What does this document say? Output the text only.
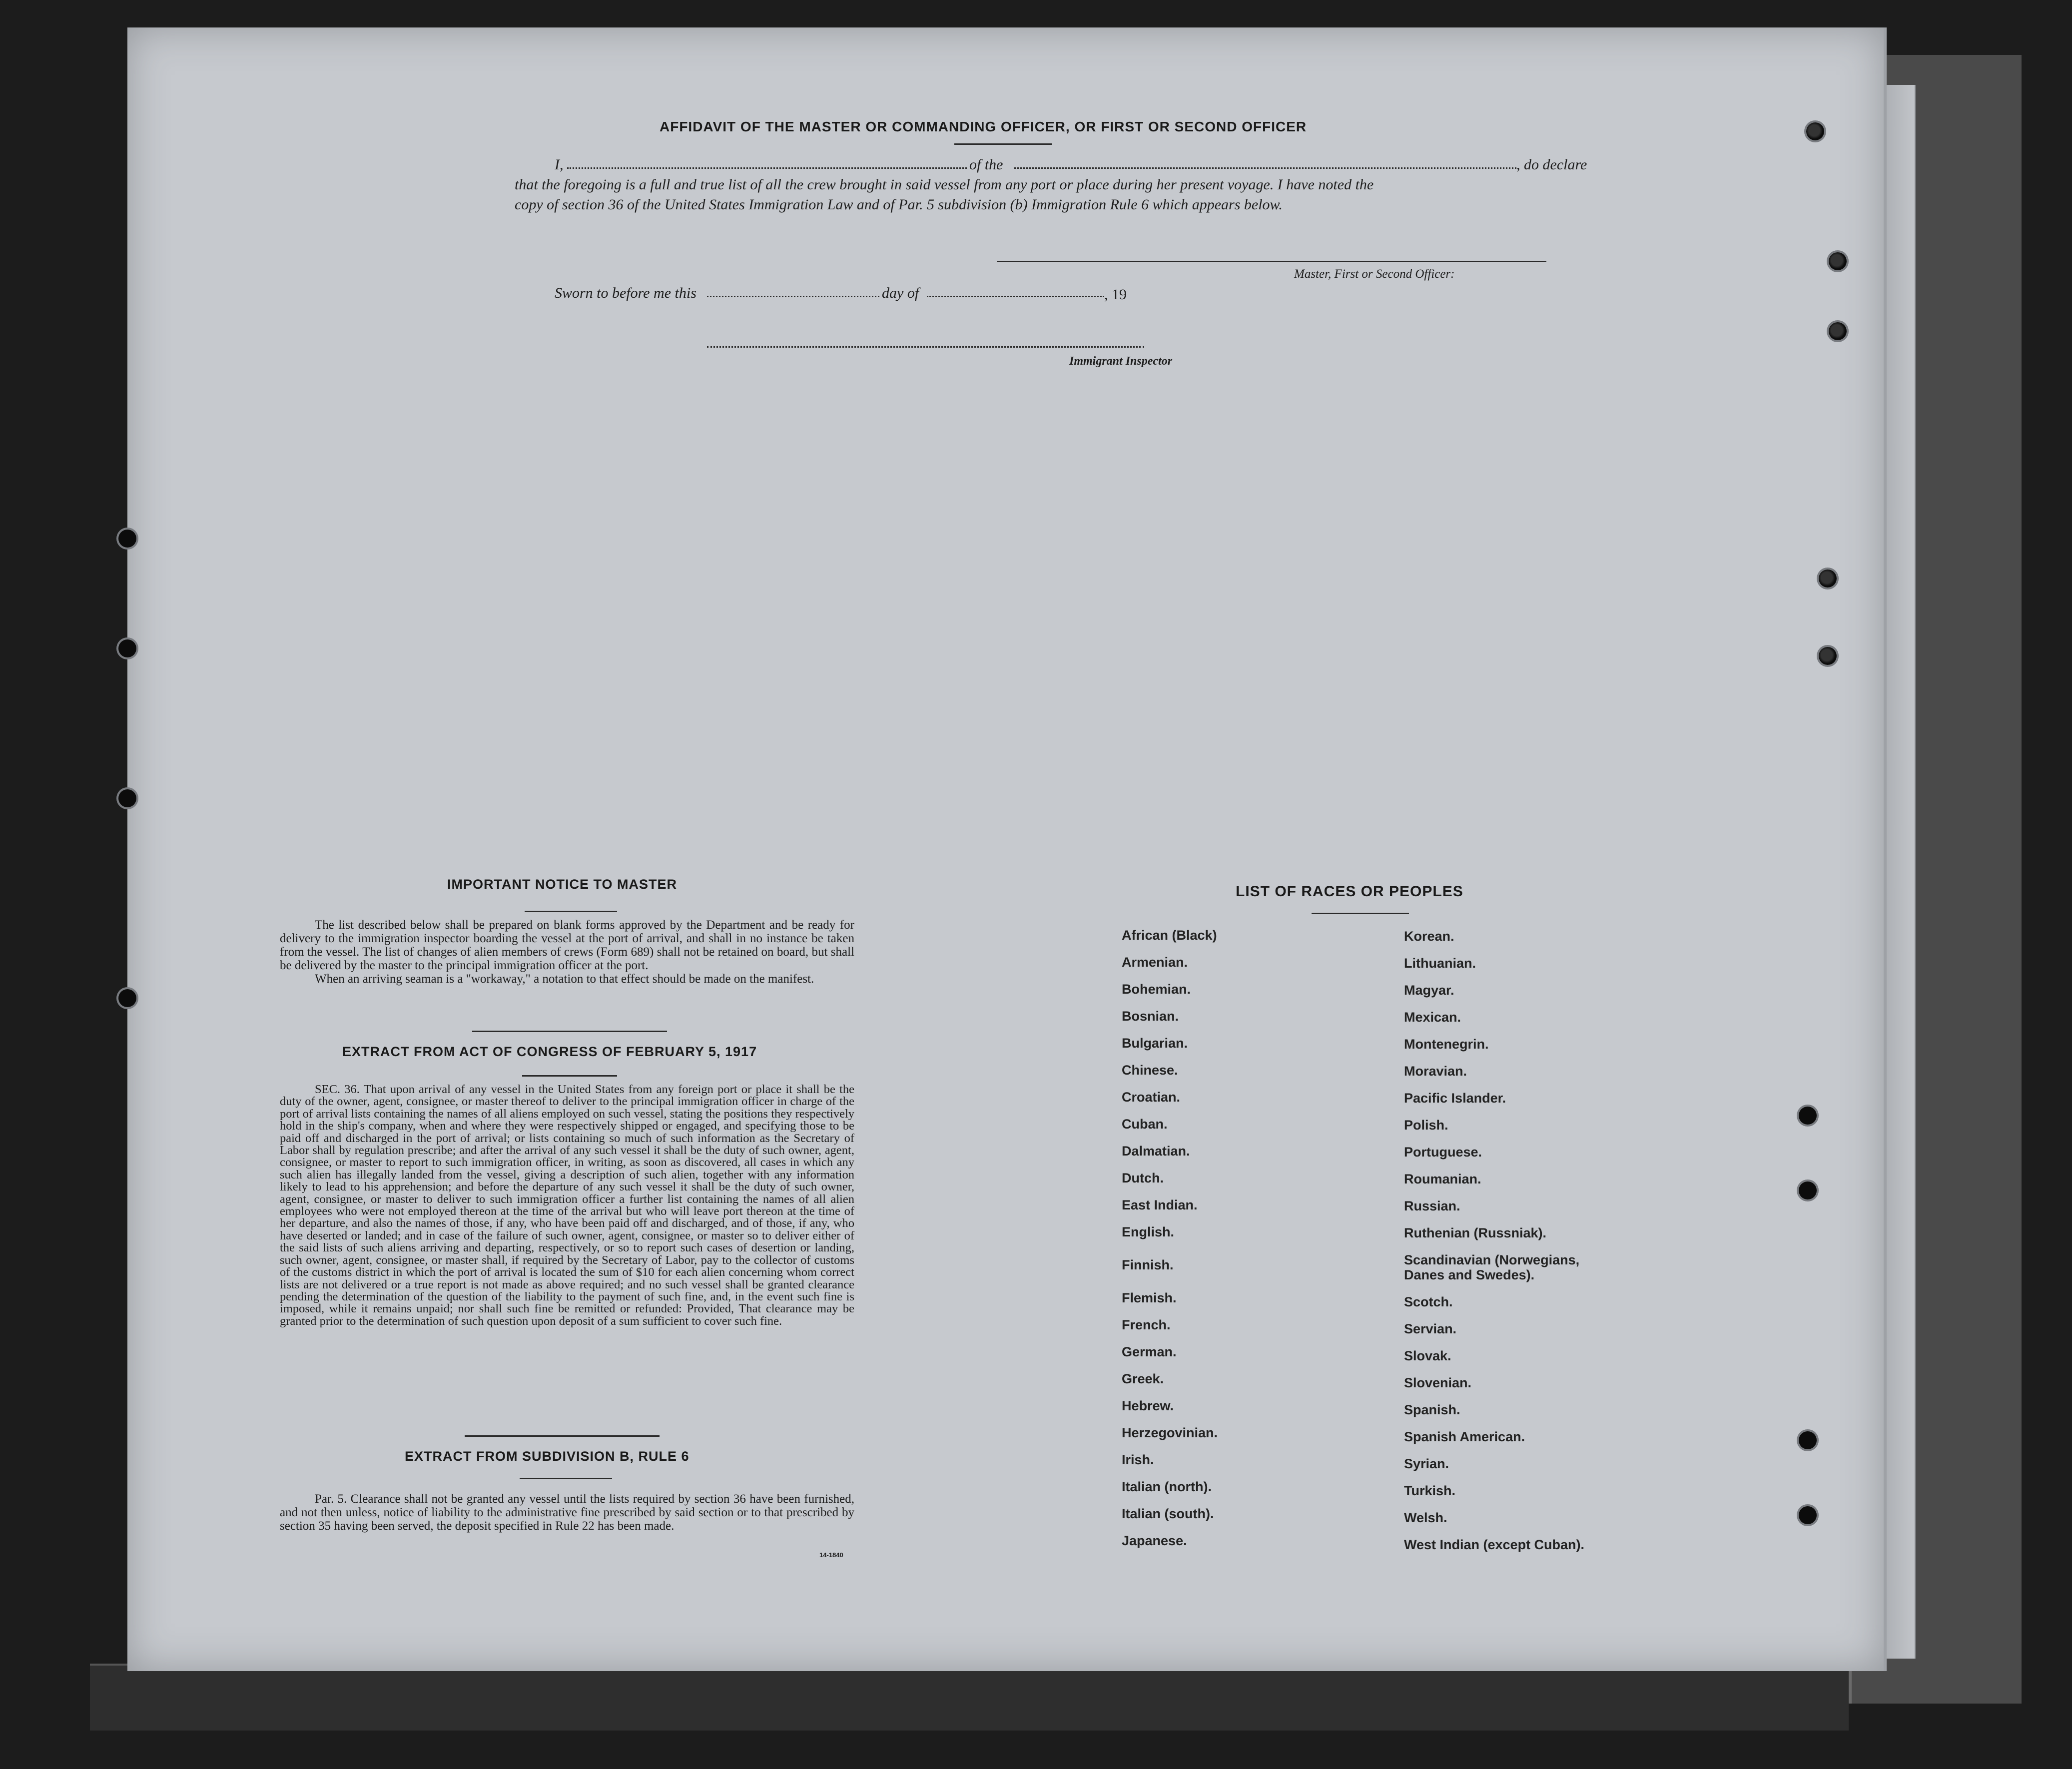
AFFIDAVIT OF THE MASTER OR COMMANDING OFFICER, OR FIRST OR SECOND OFFICER
I,	of the	, do declare
that the foregoing is a full and true list of all the crew brought in said vessel from any port or place during her present voyage. I have noted the
copy of section 36 of the United States Immigration Law and of Par. 5 subdivision (b) Immigration Rule 6 which appears below.
Master, First or Second Officer:
Sworn to before me this	day of	, 19
Immigrant Inspector
IMPORTANT NOTICE TO MASTER

The list described below shall be prepared on blank forms approved by the Department and be ready for delivery to the immigration inspector boarding the vessel at the port of arrival, and shall in no instance be taken from the vessel. The list of changes of alien members of crews (Form 689) shall not be retained on board, but shall be delivered by the master to the principal immigration officer at the port.

When an arriving seaman is a "workaway," a notation to that effect should be made on the manifest.

EXTRACT FROM ACT OF CONGRESS OF FEBRUARY 5, 1917

SEC. 36. That upon arrival of any vessel in the United States from any foreign port or place it shall be the duty of the owner, agent, consignee, or master thereof to deliver to the principal immigration officer in charge of the port of arrival lists containing the names of all aliens employed on such vessel, stating the positions they respectively hold in the ship's company, when and where they were respectively shipped or engaged, and specifying those to be paid off and discharged in the port of arrival; or lists containing so much of such information as the Secretary of Labor shall by regulation prescribe; and after the arrival of any such vessel it shall be the duty of such owner, agent, consignee, or master to report to such immigration officer, in writing, as soon as discovered, all cases in which any such alien has illegally landed from the vessel, giving a description of such alien, together with any information likely to lead to his apprehension; and before the departure of any such vessel it shall be the duty of such owner, agent, consignee, or master to deliver to such immigration officer a further list containing the names of all alien employees who were not employed thereon at the time of the arrival but who will leave port thereon at the time of her departure, and also the names of those, if any, who have been paid off and discharged, and of those, if any, who have deserted or landed; and in case of the failure of such owner, agent, consignee, or master so to deliver either of the said lists of such aliens arriving and departing, respectively, or so to report such cases of desertion or landing, such owner, agent, consignee, or master shall, if required by the Secretary of Labor, pay to the collector of customs of the customs district in which the port of arrival is located the sum of $10 for each alien concerning whom correct lists are not delivered or a true report is not made as above required; and no such vessel shall be granted clearance pending the determination of the question of the liability to the payment of such fine, and, in the event such fine is imposed, while it remains unpaid; nor shall such fine be remitted or refunded: Provided, That clearance may be granted prior to the determination of such question upon deposit of a sum sufficient to cover such fine.

EXTRACT FROM SUBDIVISION B, RULE 6

Par. 5. Clearance shall not be granted any vessel until the lists required by section 36 have been furnished, and not then unless, notice of liability to the administrative fine prescribed by said section or to that prescribed by section 35 having been served, the deposit specified in Rule 22 has been made.

14-1840
LIST OF RACES OR PEOPLES
African (Black)
Armenian.
Bohemian.
Bosnian.
Bulgarian.
Chinese.
Croatian.
Cuban.
Dalmatian.
Dutch.
East Indian.
English.
Finnish.
Flemish.
French.
German.
Greek.
Hebrew.
Herzegovinian.
Irish.
Italian (north).
Italian (south).
Japanese.
Korean.
Lithuanian.
Magyar.
Mexican.
Montenegrin.
Moravian.
Pacific Islander.
Polish.
Portuguese.
Roumanian.
Russian.
Ruthenian (Russniak).
Scandinavian (Norwegians,
Danes and Swedes).
Scotch.
Servian.
Slovak.
Slovenian.
Spanish.
Spanish American.
Syrian.
Turkish.
Welsh.
West Indian (except Cuban).
